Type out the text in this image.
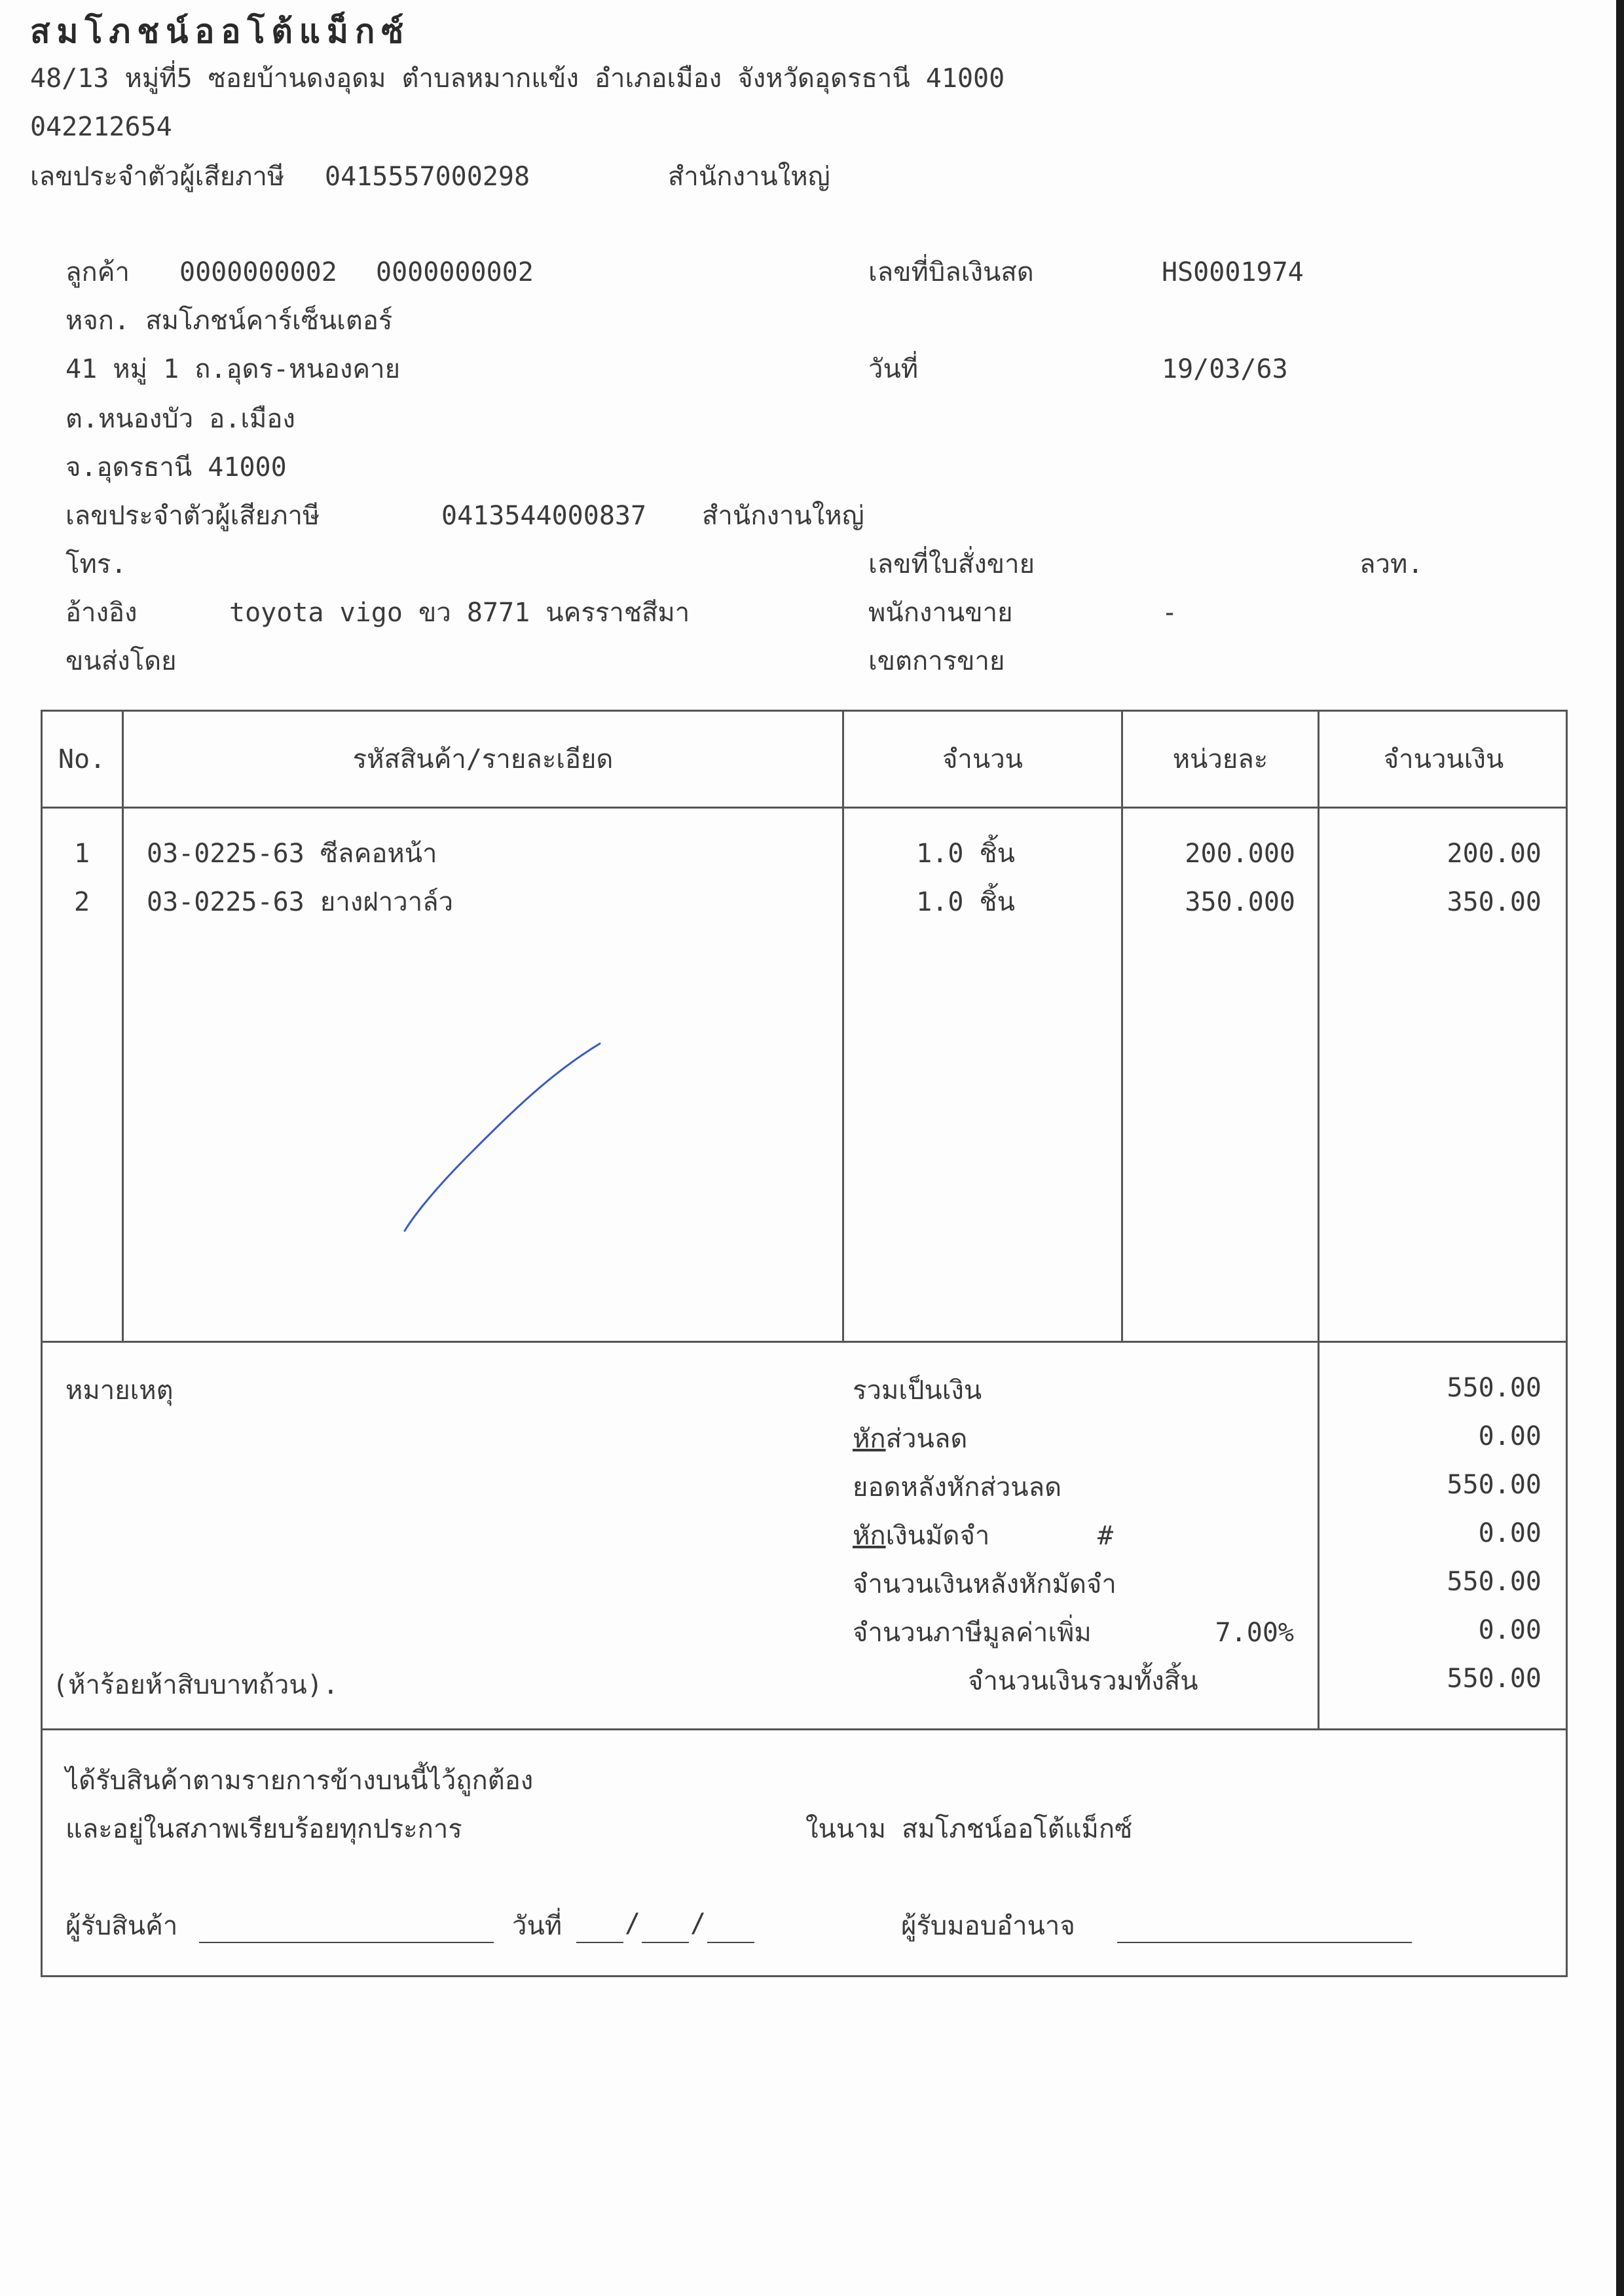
สมโภชน์ออโต้แม็กซ์
48/13 หมู่ที่5 ซอยบ้านดงอุดม ตำบลหมากแข้ง อำเภอเมือง จังหวัดอุดรธานี 41000
042212654
เลขประจำตัวผู้เสียภาษี 0415557000298	สำนักงานใหญ่
ลูกค้า 0000000002 0000000002
หจก. สมโภชน์คาร์เซ็นเตอร์
41 หมู่ 1 ถ.อุดร-หนองคาย
ต.หนองบัว อ.เมือง
จ.อุดรธานี 41000
เลขประจำตัวผู้เสียภาษี	0413544000837 สำนักงานใหญ่
โทร.
อ้างอิง	toyota vigo ขว 8771 นครราชสีมา
ขนส่งโดย
เลขที่บิลเงินสด	HS0001974
วันที่	19/03/63
เลขที่ใบสั่งขาย	ลวท.
พนักงานขาย	-
เขตการขาย
No.	รหัสสินค้า/รายละเอียด	จำนวน	หน่วยละ	จำนวนเงิน
1	03-0225-63 ซีลคอหน้า	1.0 ชิ้น	200.000	200.00
2	03-0225-63 ยางฝาวาล์ว	1.0 ชิ้น	350.000	350.00
หมายเหตุ
(ห้าร้อยห้าสิบบาทถ้วน).
รวมเป็นเงิน	550.00
หักส่วนลด	0.00
ยอดหลังหักส่วนลด	550.00
หักเงินมัดจำ	#	0.00
จำนวนเงินหลังหักมัดจำ	550.00
จำนวนภาษีมูลค่าเพิ่ม	7.00%	0.00
จำนวนเงินรวมทั้งสิ้น	550.00
ได้รับสินค้าตามรายการข้างบนนี้ไว้ถูกต้อง
และอยู่ในสภาพเรียบร้อยทุกประการ	ในนาม สมโภชน์ออโต้แม็กซ์
ผู้รับสินค้า	วันที่ / /	ผู้รับมอบอำนาจ
